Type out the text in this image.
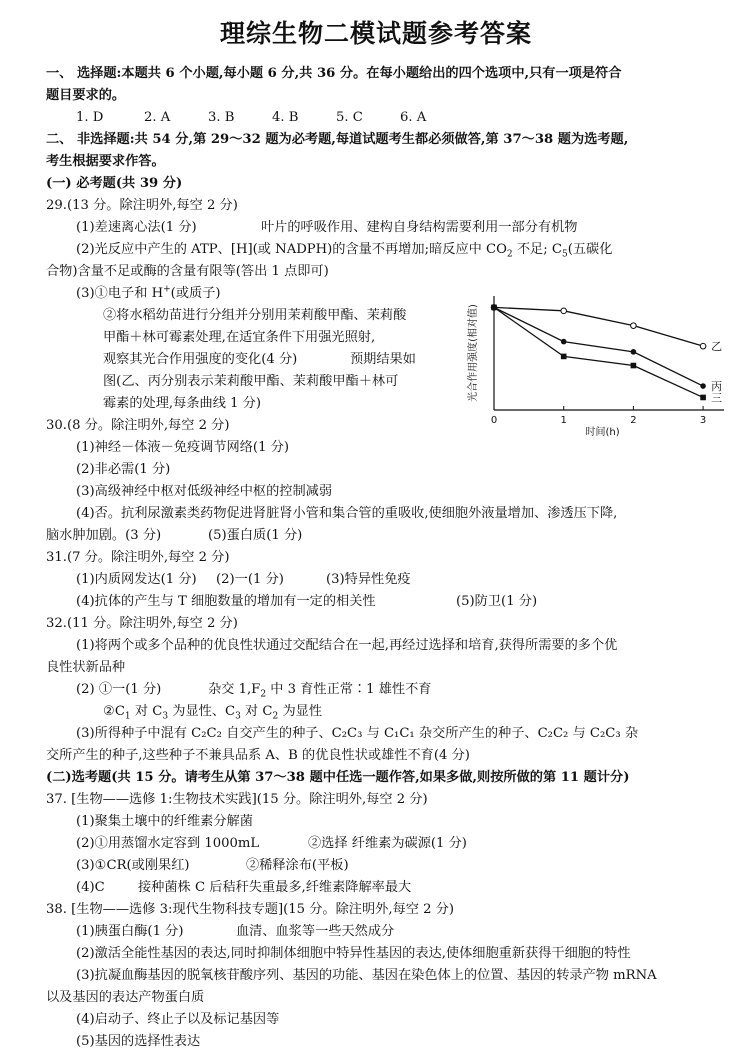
理综生物二模试题参考答案
一、 选择题:本题共 6 个小题,每小题 6 分,共 36 分。在每小题给出的四个选项中,只有一项是符合
题目要求的。
1. D	2. A	3. B	4. B	5. C	6. A
二、 非选择题:共 54 分,第 29～32 题为必考题,每道试题考生都必须做答,第 37～38 题为选考题,
考生根据要求作答。
(一) 必考题(共 39 分)
29.(13 分。除注明外,每空 2 分)
(1)差速离心法(1 分)	叶片的呼吸作用、建构自身结构需要利用一部分有机物
(2)光反应中产生的 ATP、[H](或 NADPH)的含量不再增加;暗反应中 $CO_2$ 不足; $C_5$(五碳化
合物)含量不足或酶的含量有限等(答出 1 点即可)
(3)①电子和 H+(或质子)
②将水稻幼苗进行分组并分别用茉莉酸甲酯、茉莉酸
甲酯＋林可霉素处理,在适宜条件下用强光照射,
观察其光合作用强度的变化(4 分)	预期结果如
图(乙、丙分别表示茉莉酸甲酯、茉莉酸甲酯＋林可
霉素的处理,每条曲线 1 分)
0	1	2	3
时间(h)
光合作用强度(相对值)	乙
丙
三
30.(8 分。除注明外,每空 2 分)
(1)神经－体液－免疫调节网络(1 分)
(2)非必需(1 分)
(3)高级神经中枢对低级神经中枢的控制减弱
(4)否。抗利尿激素类药物促进肾脏肾小管和集合管的重吸收,使细胞外液量增加、渗透压下降,
脑水肿加剧。(3 分)	(5)蛋白质(1 分)
31.(7 分。除注明外,每空 2 分)
(1)内质网发达(1 分) (2)一(1 分)	(3)特异性免疫
(4)抗体的产生与 T 细胞数量的增加有一定的相关性	(5)防卫(1 分)
32.(11 分。除注明外,每空 2 分)
(1)将两个或多个品种的优良性状通过交配结合在一起,再经过选择和培育,获得所需要的多个优
良性状新品种
(2) ①一(1 分)	杂交 $1,F_2$ 中 3 育性正常∶1 雄性不育
$②C_1$ 对 $C_3$ 为显性、$C_3$ 对 $C_2$ 为显性
(3)所得种子中混有 C₂C₂ 自交产生的种子、C₂C₃ 与 C₁C₁ 杂交所产生的种子、C₂C₂ 与 C₂C₃ 杂
交所产生的种子,这些种子不兼具品系 A、B 的优良性状或雄性不育(4 分)
(二)选考题(共 15 分。请考生从第 37～38 题中任选一题作答,如果多做,则按所做的第 11 题计分)
37. [生物——选修 1:生物技术实践](15 分。除注明外,每空 2 分)
(1)聚集土壤中的纤维素分解菌
(2)①用蒸馏水定容到 1000mL	②选择 纤维素为碳源(1 分)
(3)①CR(或刚果红)	②稀释涂布(平板)
(4)C	接种菌株 C 后秸秆失重最多,纤维素降解率最大
38. [生物——选修 3:现代生物科技专题](15 分。除注明外,每空 2 分)
(1)胰蛋白酶(1 分)	血清、血浆等一些天然成分
(2)激活全能性基因的表达,同时抑制体细胞中特异性基因的表达,使体细胞重新获得干细胞的特性
(3)抗凝血酶基因的脱氧核苷酸序列、基因的功能、基因在染色体上的位置、基因的转录产物 mRNA
以及基因的表达产物蛋白质
(4)启动子、终止子以及标记基因等
(5)基因的选择性表达
